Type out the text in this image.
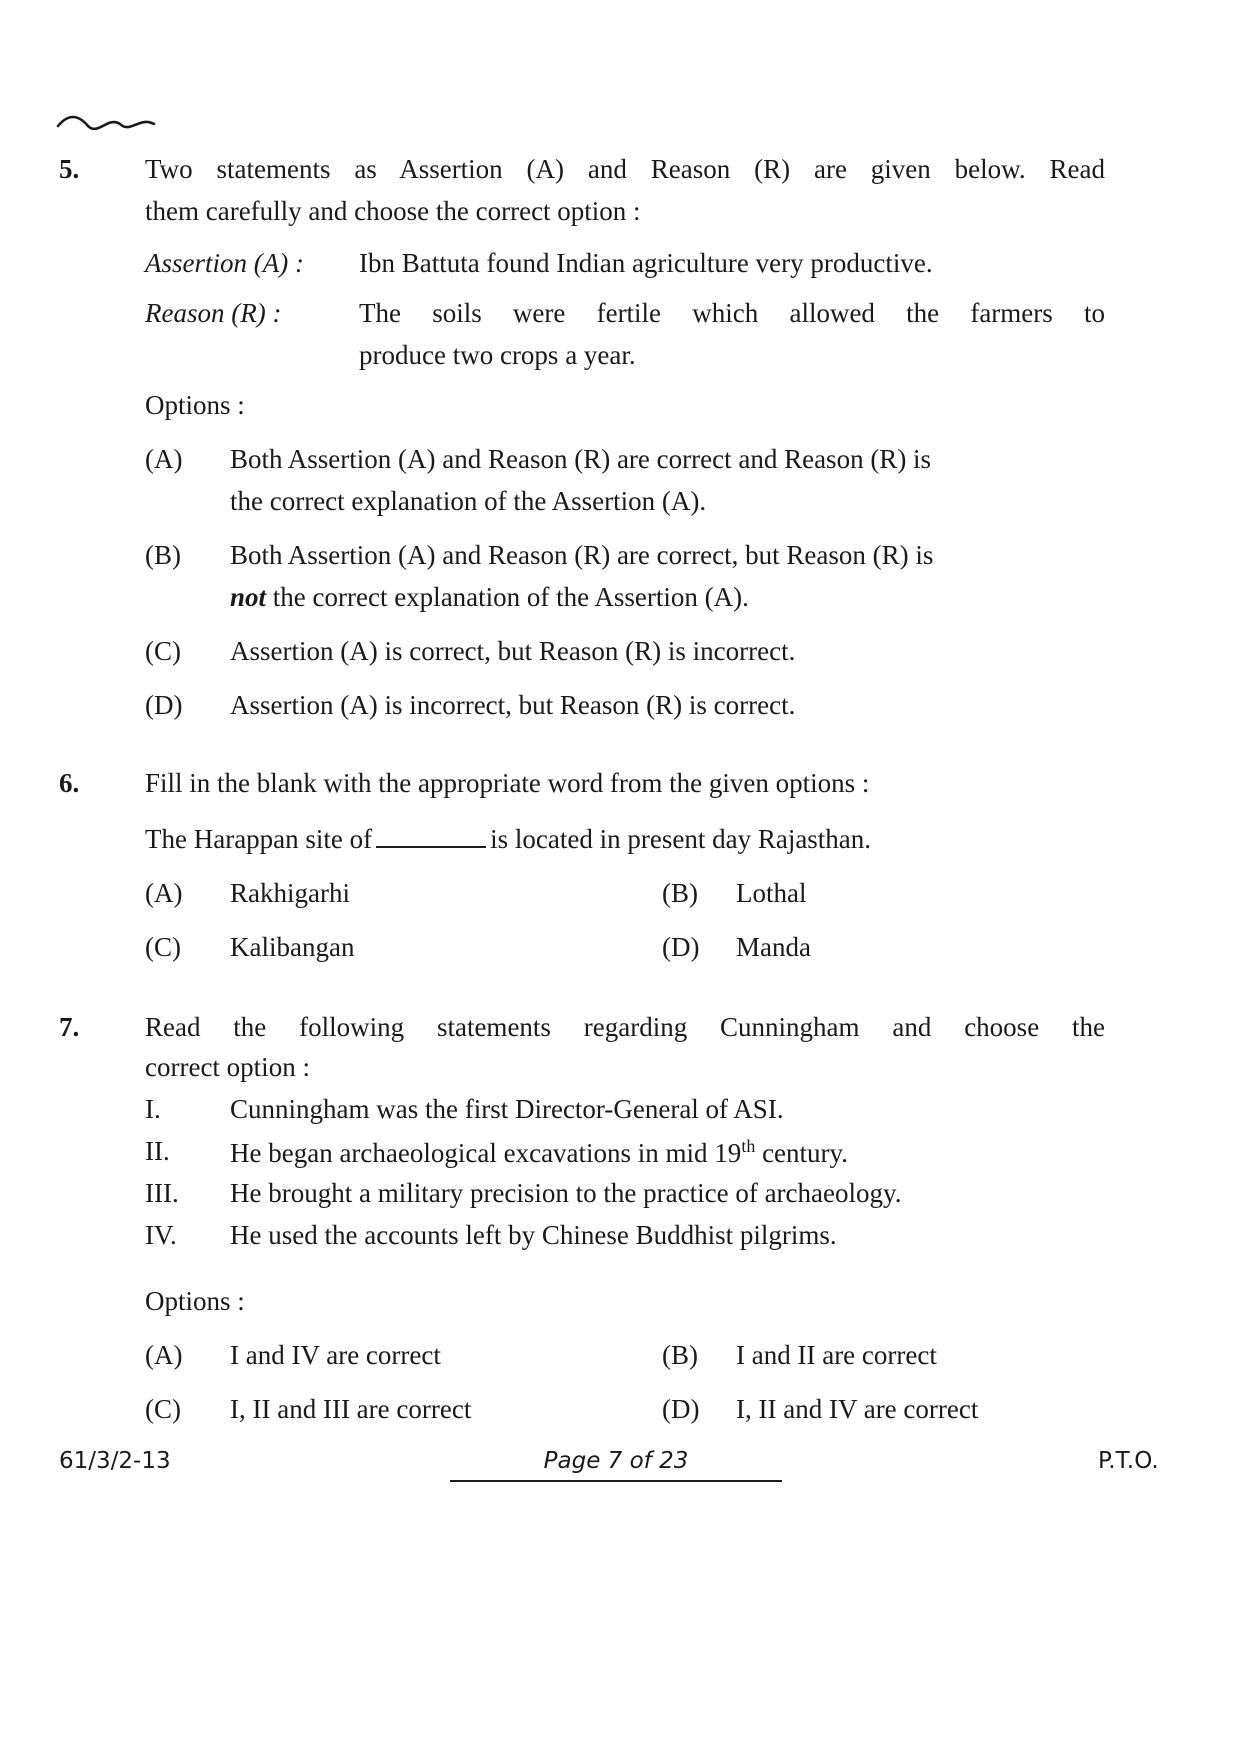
5. Two statements as Assertion (A) and Reason (R) are given below. Read
them carefully and choose the correct option :
Assertion (A) : Ibn Battuta found Indian agriculture very productive.
Reason (R) :	The soils were fertile which allowed the farmers to
produce two crops a year.
Options :
(A) Both Assertion (A) and Reason (R) are correct and Reason (R) is
the correct explanation of the Assertion (A).
(B) Both Assertion (A) and Reason (R) are correct, but Reason (R) is
not the correct explanation of the Assertion (A).
(C) Assertion (A) is correct, but Reason (R) is incorrect.
(D) Assertion (A) is incorrect, but Reason (R) is correct.
6. Fill in the blank with the appropriate word from the given options :
The Harappan site of	is located in present day Rajasthan.
(A) Rakhigarhi	(B) Lothal
(C) Kalibangan	(D) Manda
7. Read the following statements regarding Cunningham and choose the
correct option :
I.	Cunningham was the first Director-General of ASI.
II. He began archaeological excavations in mid 19th century.
III. He brought a military precision to the practice of archaeology.
IV. He used the accounts left by Chinese Buddhist pilgrims.
Options :
(A) I and IV are correct	(B) I and II are correct
(C) I, II and III are correct	(D) I, II and IV are correct
61/3/2-13	Page 7 of 23	P.T.O.
